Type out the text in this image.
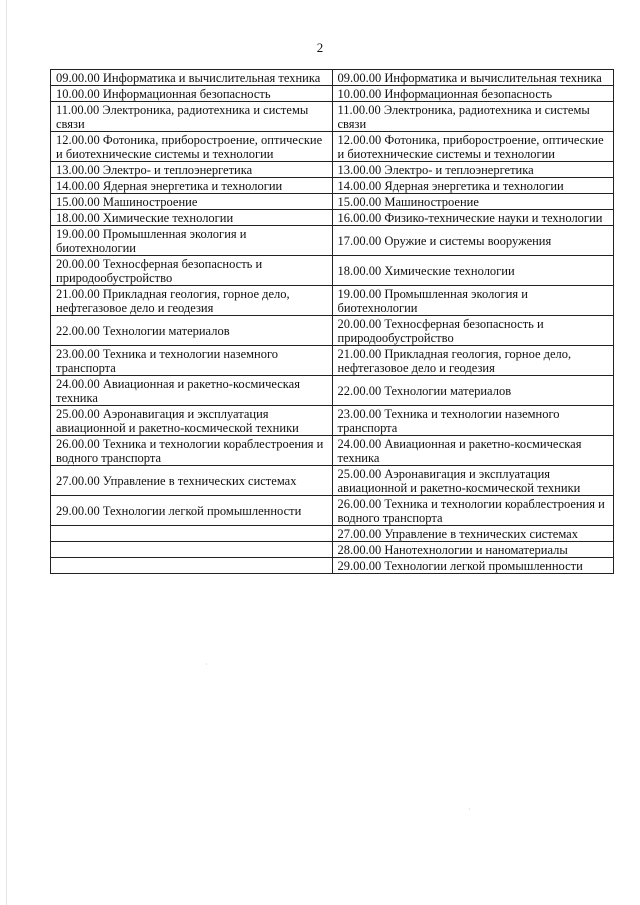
2
09.00.00 Информатика и вычислительная техника	09.00.00 Информатика и вычислительная техника
10.00.00 Информационная безопасность	10.00.00 Информационная безопасность
11.00.00 Электроника, радиотехника и системы связи	11.00.00 Электроника, радиотехника и системы связи
12.00.00 Фотоника, приборостроение, оптические и биотехнические системы и технологии	12.00.00 Фотоника, приборостроение, оптические и биотехнические системы и технологии
13.00.00 Электро- и теплоэнергетика	13.00.00 Электро- и теплоэнергетика
14.00.00 Ядерная энергетика и технологии	14.00.00 Ядерная энергетика и технологии
15.00.00 Машиностроение	15.00.00 Машиностроение
18.00.00 Химические технологии	16.00.00 Физико-технические науки и технологии
19.00.00 Промышленная экология и биотехнологии	17.00.00 Оружие и системы вооружения
20.00.00 Техносферная безопасность и природообустройство	18.00.00 Химические технологии
21.00.00 Прикладная геология, горное дело, нефтегазовое дело и геодезия	19.00.00 Промышленная экология и биотехнологии
22.00.00 Технологии материалов	20.00.00 Техносферная безопасность и природообустройство
23.00.00 Техника и технологии наземного транспорта	21.00.00 Прикладная геология, горное дело, нефтегазовое дело и геодезия
24.00.00 Авиационная и ракетно-космическая техника	22.00.00 Технологии материалов
25.00.00 Аэронавигация и эксплуатация авиационной и ракетно-космической техники	23.00.00 Техника и технологии наземного транспорта
26.00.00 Техника и технологии кораблестроения и водного транспорта	24.00.00 Авиационная и ракетно-космическая техника
27.00.00 Управление в технических системах	25.00.00 Аэронавигация и эксплуатация авиационной и ракетно-космической техники
29.00.00 Технологии легкой промышленности	26.00.00 Техника и технологии кораблестроения и водного транспорта
	27.00.00 Управление в технических системах
	28.00.00 Нанотехнологии и наноматериалы
	29.00.00 Технологии легкой промышленности
·
·
